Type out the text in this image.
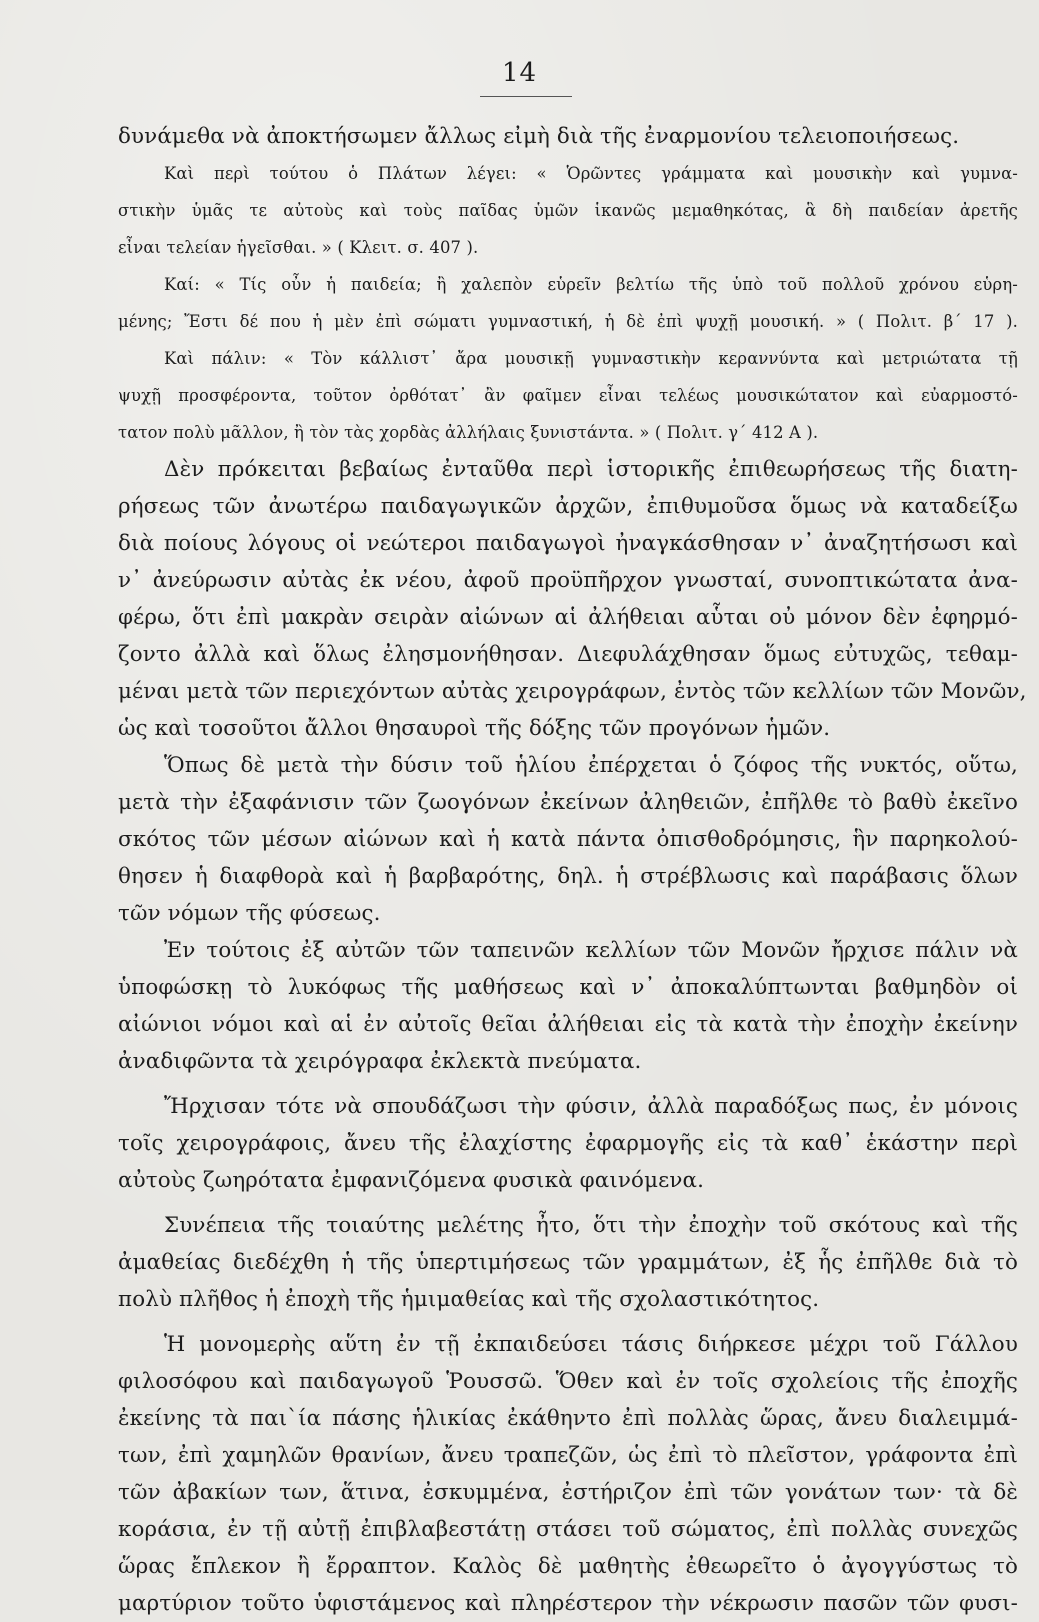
14
δυνάμεθα νὰ ἀποκτήσωμεν ἄλλως εἰμὴ διὰ τῆς ἐναρμονίου τελειοποιήσεως.
Καὶ περὶ τούτου ὁ Πλάτων λέγει: « Ὁρῶντες γράμματα καὶ μουσικὴν καὶ γυμνα-
στικὴν ὑμᾶς τε αὐτοὺς καὶ τοὺς παῖδας ὑμῶν ἱκανῶς μεμαθηκότας, ἃ δὴ παιδείαν ἀρετῆς
εἶναι τελείαν ἡγεῖσθαι. » ( Κλειτ. σ. 407 ).
Καί: « Τίς οὖν ἡ παιδεία; ἢ χαλεπὸν εὑρεῖν βελτίω τῆς ὑπὸ τοῦ πολλοῦ χρόνου εὑρη-
μένης; Ἔστι δέ που ἡ μὲν ἐπὶ σώματι γυμναστική, ἡ δὲ ἐπὶ ψυχῇ μουσική. » ( Πολιτ. β΄ 17 ).
Καὶ πάλιν: « Τὸν κάλλιστ᾽ ἄρα μουσικῇ γυμναστικὴν κεραννύντα καὶ μετριώτατα τῇ
ψυχῇ προσφέροντα, τοῦτον ὀρθότατ᾽ ἂν φαῖμεν εἶναι τελέως μουσικώτατον καὶ εὐαρμοστό-
τατον πολὺ μᾶλλον, ἢ τὸν τὰς χορδὰς ἀλλήλαις ξυνιστάντα. » ( Πολιτ. γ΄ 412 Α ).
Δὲν πρόκειται βεβαίως ἐνταῦθα περὶ ἱστορικῆς ἐπιθεωρήσεως τῆς διατη-
ρήσεως τῶν ἀνωτέρω παιδαγωγικῶν ἀρχῶν, ἐπιθυμοῦσα ὅμως νὰ καταδείξω
διὰ ποίους λόγους οἱ νεώτεροι παιδαγωγοὶ ἠναγκάσθησαν ν᾽ ἀναζητήσωσι καὶ
ν᾽ ἀνεύρωσιν αὐτὰς ἐκ νέου, ἀφοῦ προϋπῆρχον γνωσταί, συνοπτικώτατα ἀνα-
φέρω, ὅτι ἐπὶ μακρὰν σειρὰν αἰώνων αἱ ἀλήθειαι αὗται οὐ μόνον δὲν ἐφηρμό-
ζοντο ἀλλὰ καὶ ὅλως ἐλησμονήθησαν. Διεφυλάχθησαν ὅμως εὐτυχῶς, τεθαμ-
μέναι μετὰ τῶν περιεχόντων αὐτὰς χειρογράφων, ἐντὸς τῶν κελλίων τῶν Μονῶν,
ὡς καὶ τοσοῦτοι ἄλλοι θησαυροὶ τῆς δόξης τῶν προγόνων ἡμῶν.
Ὅπως δὲ μετὰ τὴν δύσιν τοῦ ἡλίου ἐπέρχεται ὁ ζόφος τῆς νυκτός, οὕτω,
μετὰ τὴν ἐξαφάνισιν τῶν ζωογόνων ἐκείνων ἀληθειῶν, ἐπῆλθε τὸ βαθὺ ἐκεῖνο
σκότος τῶν μέσων αἰώνων καὶ ἡ κατὰ πάντα ὀπισθοδρόμησις, ἣν παρηκολού-
θησεν ἡ διαφθορὰ καὶ ἡ βαρβαρότης, δηλ. ἡ στρέβλωσις καὶ παράβασις ὅλων
τῶν νόμων τῆς φύσεως.
Ἐν τούτοις ἐξ αὐτῶν τῶν ταπεινῶν κελλίων τῶν Μονῶν ἤρχισε πάλιν νὰ
ὑποφώσκῃ τὸ λυκόφως τῆς μαθήσεως καὶ ν᾽ ἀποκαλύπτωνται βαθμηδὸν οἱ
αἰώνιοι νόμοι καὶ αἱ ἐν αὐτοῖς θεῖαι ἀλήθειαι εἰς τὰ κατὰ τὴν ἐποχὴν ἐκείνην
ἀναδιφῶντα τὰ χειρόγραφα ἐκλεκτὰ πνεύματα.
Ἤρχισαν τότε νὰ σπουδάζωσι τὴν φύσιν, ἀλλὰ παραδόξως πως, ἐν μόνοις
τοῖς χειρογράφοις, ἄνευ τῆς ἐλαχίστης ἐφαρμογῆς εἰς τὰ καθ᾽ ἑκάστην περὶ
αὐτοὺς ζωηρότατα ἐμφανιζόμενα φυσικὰ φαινόμενα.
Συνέπεια τῆς τοιαύτης μελέτης ἦτο, ὅτι τὴν ἐποχὴν τοῦ σκότους καὶ τῆς
ἀμαθείας διεδέχθη ἡ τῆς ὑπερτιμήσεως τῶν γραμμάτων, ἐξ ἧς ἐπῆλθε διὰ τὸ
πολὺ πλῆθος ἡ ἐποχὴ τῆς ἡμιμαθείας καὶ τῆς σχολαστικότητος.
Ἡ μονομερὴς αὕτη ἐν τῇ ἐκπαιδεύσει τάσις διήρκεσε μέχρι τοῦ Γάλλου
φιλοσόφου καὶ παιδαγωγοῦ Ῥουσσῶ. Ὅθεν καὶ ἐν τοῖς σχολείοις τῆς ἐποχῆς
ἐκείνης τὰ παι`ία πάσης ἡλικίας ἐκάθηντο ἐπὶ πολλὰς ὥρας, ἄνευ διαλειμμά-
των, ἐπὶ χαμηλῶν θρανίων, ἄνευ τραπεζῶν, ὡς ἐπὶ τὸ πλεῖστον, γράφοντα ἐπὶ
τῶν ἀβακίων των, ἅτινα, ἐσκυμμένα, ἐστήριζον ἐπὶ τῶν γονάτων των· τὰ δὲ
κοράσια, ἐν τῇ αὐτῇ ἐπιβλαβεστάτῃ στάσει τοῦ σώματος, ἐπὶ πολλὰς συνεχῶς
ὥρας ἔπλεκον ἢ ἔρραπτον. Καλὸς δὲ μαθητὴς ἐθεωρεῖτο ὁ ἀγογγύστως τὸ
μαρτύριον τοῦτο ὑφιστάμενος καὶ πληρέστερον τὴν νέκρωσιν πασῶν τῶν φυσι-
